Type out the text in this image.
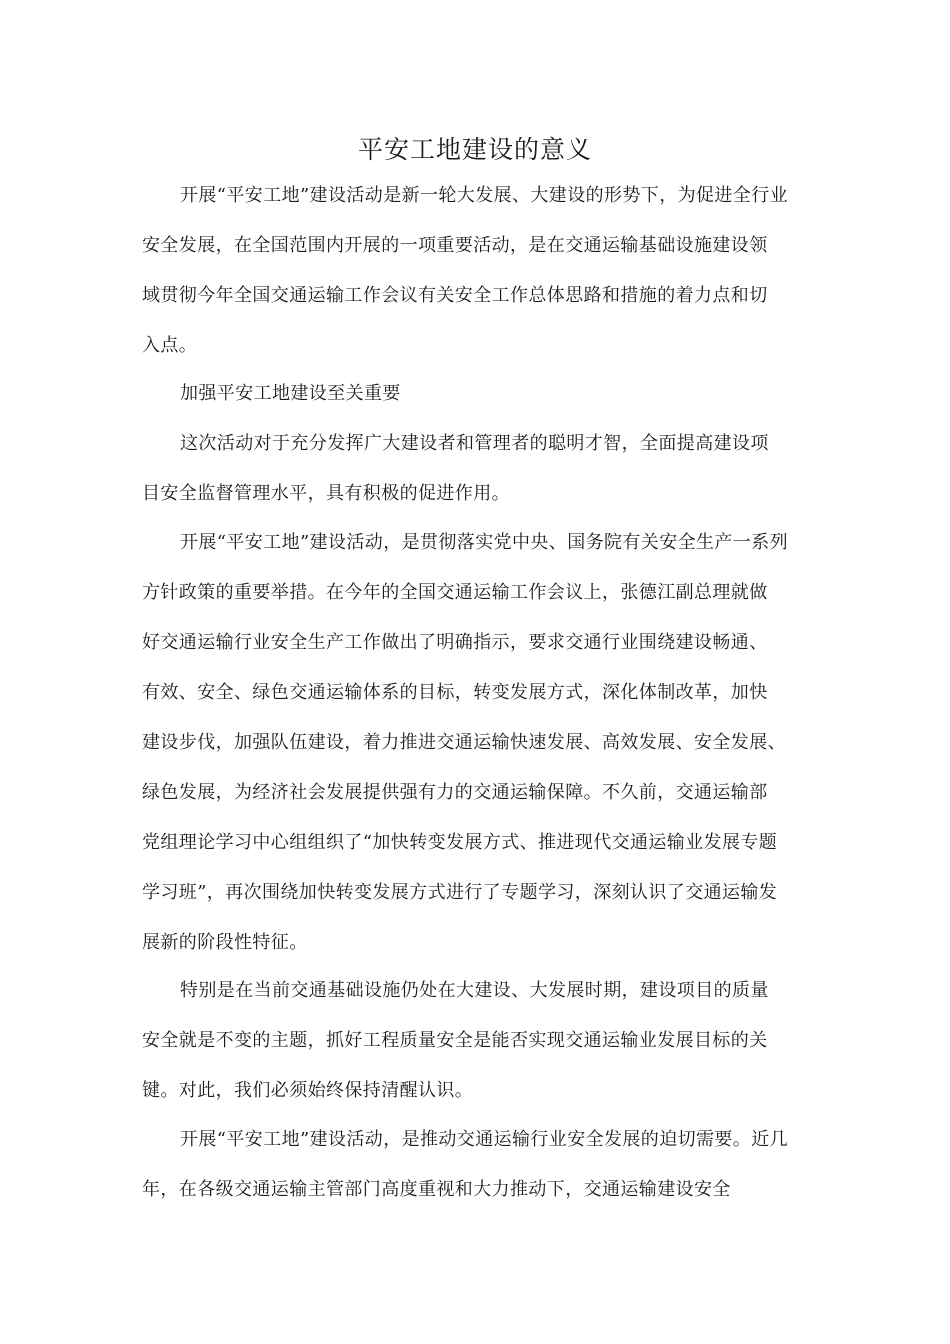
平安工地建设的意义
开展“平安工地”建设活动是新一轮大发展、大建设的形势下，为促进全行业
安全发展，在全国范围内开展的一项重要活动，是在交通运输基础设施建设领
域贯彻今年全国交通运输工作会议有关安全工作总体思路和措施的着力点和切
入点。
加强平安工地建设至关重要
这次活动对于充分发挥广大建设者和管理者的聪明才智，全面提高建设项
目安全监督管理水平，具有积极的促进作用。
开展“平安工地”建设活动，是贯彻落实党中央、国务院有关安全生产一系列
方针政策的重要举措。在今年的全国交通运输工作会议上，张德江副总理就做
好交通运输行业安全生产工作做出了明确指示，要求交通行业围绕建设畅通、
有效、安全、绿色交通运输体系的目标，转变发展方式，深化体制改革，加快
建设步伐，加强队伍建设，着力推进交通运输快速发展、高效发展、安全发展、
绿色发展，为经济社会发展提供强有力的交通运输保障。不久前，交通运输部
党组理论学习中心组组织了“加快转变发展方式、推进现代交通运输业发展专题
学习班”，再次围绕加快转变发展方式进行了专题学习，深刻认识了交通运输发
展新的阶段性特征。
特别是在当前交通基础设施仍处在大建设、大发展时期，建设项目的质量
安全就是不变的主题，抓好工程质量安全是能否实现交通运输业发展目标的关
键。对此，我们必须始终保持清醒认识。
开展“平安工地”建设活动，是推动交通运输行业安全发展的迫切需要。近几
年，在各级交通运输主管部门高度重视和大力推动下，交通运输建设安全
